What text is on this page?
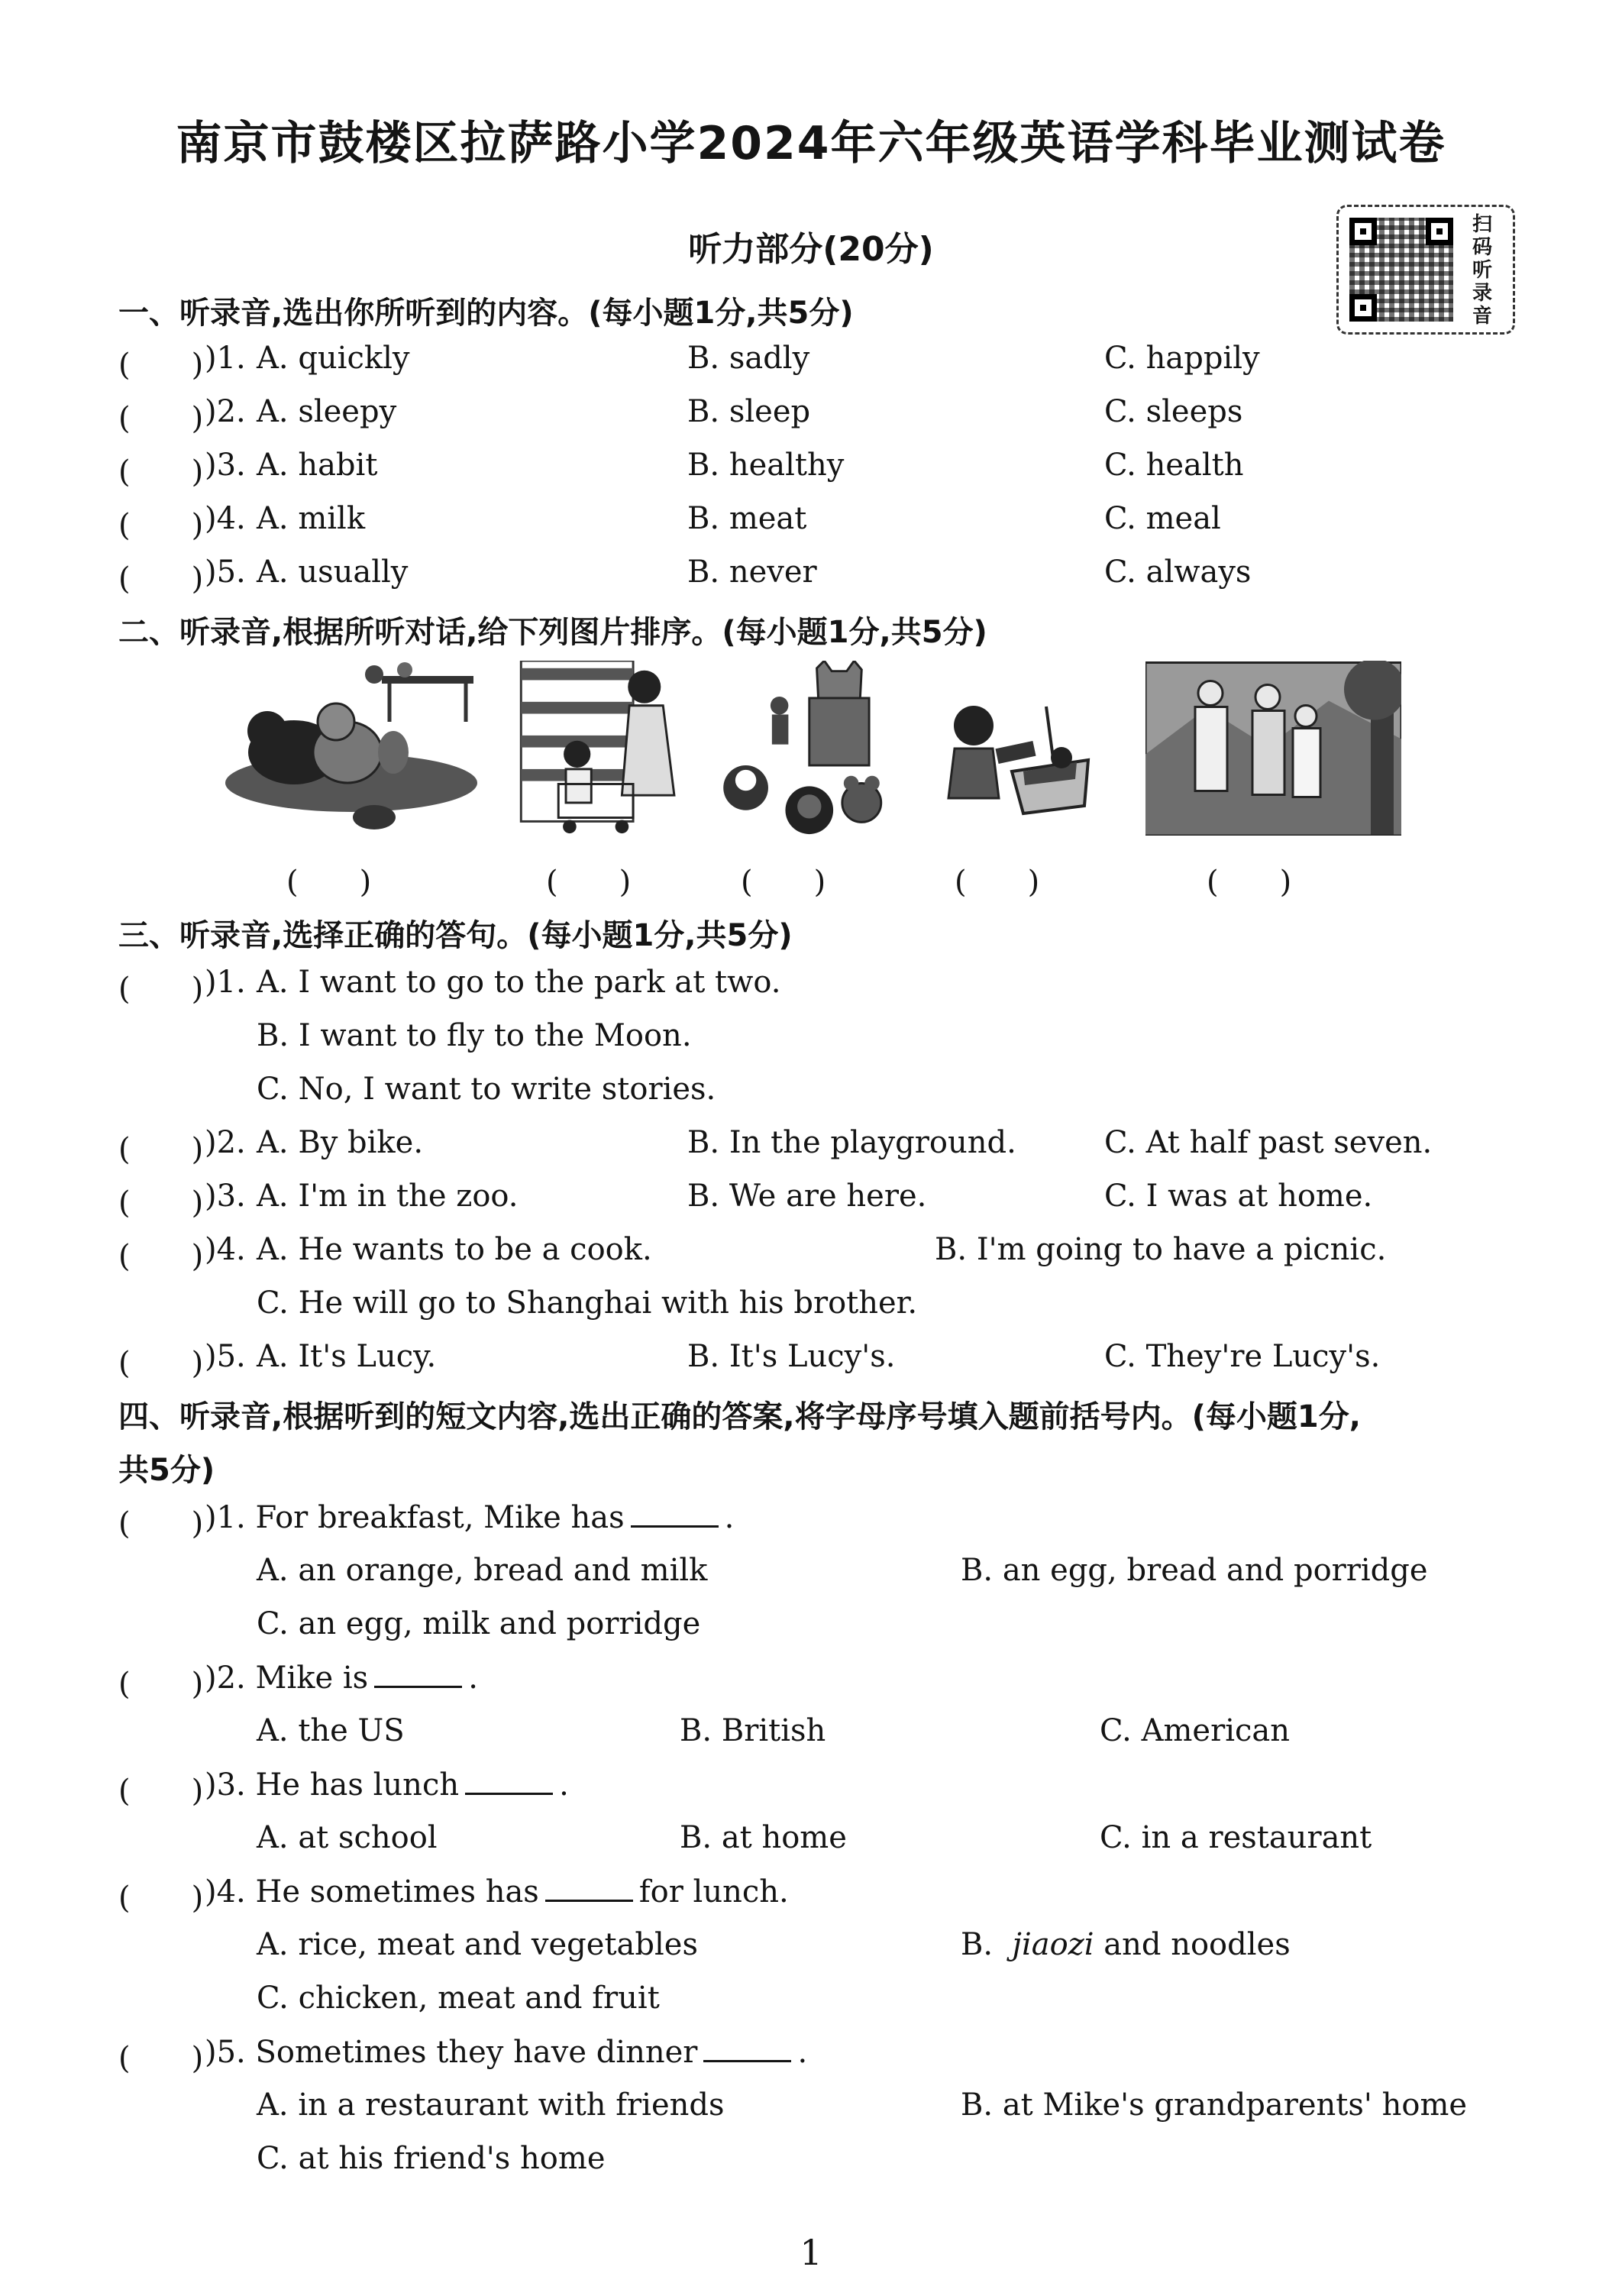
南京市鼓楼区拉萨路小学2024年六年级英语学科毕业测试卷
听力部分(20分)
扫码听录音
一、听录音,选出你所听到的内容。(每小题1分,共5分)
(　　) )1. A. quickly	B. sadly	C. happily
(　　) )2. A. sleepy	B. sleep	C. sleeps
(　　) )3. A. habit	B. healthy	C. health
(　　) )4. A. milk	B. meat	C. meal
(　　) )5. A. usually	B. never	C. always
二、听录音,根据所听对话,给下列图片排序。(每小题1分,共5分)
(　　)	(　　)	(　　)	(　　)	(　　)
三、听录音,选择正确的答句。(每小题1分,共5分)
(　　) )1. A. I want to go to the park at two.
B. I want to fly to the Moon.
C. No, I want to write stories.
(　　) )2. A. By bike.	B. In the playground.	C. At half past seven.
(　　) )3. A. I'm in the zoo.	B. We are here.	C. I was at home.
(　　) )4. A. He wants to be a cook.	B. I'm going to have a picnic.
C. He will go to Shanghai with his brother.
(　　) )5. A. It's Lucy.	B. It's Lucy's.	C. They're Lucy's.
四、听录音,根据听到的短文内容,选出正确的答案,将字母序号填入题前括号内。(每小题1分,
共5分)
(　　) )1. For breakfast, Mike has	.
A. an orange, bread and milk	B. an egg, bread and porridge
C. an egg, milk and porridge
(　　) )2. Mike is	.
A. the US	B. British	C. American
(　　) )3. He has lunch	.
A. at school	B. at home	C. in a restaurant
(　　) )4. He sometimes has	for lunch.
A. rice, meat and vegetables	B. jiaozi and noodles
C. chicken, meat and fruit
(　　) )5. Sometimes they have dinner	.
A. in a restaurant with friends	B. at Mike's grandparents' home
C. at his friend's home
1
